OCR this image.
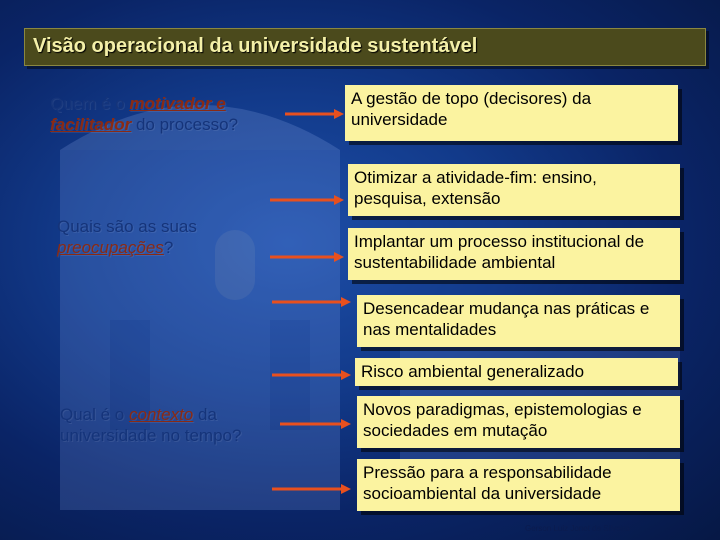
Visão operacional da universidade sustentável
Quem é o motivador e facilitador do processo?
Quais são as suas preocupações?
Qual é o contexto da universidade no tempo?
A gestão de topo (decisores) da universidade
Otimizar a atividade-fim: ensino, pesquisa, extensão
Implantar um processo institucional de sustentabilidade ambiental
Desencadear mudança nas práticas e nas mentalidades
Risco ambiental generalizado
Novos paradigmas, epistemologias e sociedades em mutação
Pressão para a responsabilidade socioambiental da universidade
Gerson Luiz Jonet da Silveira
